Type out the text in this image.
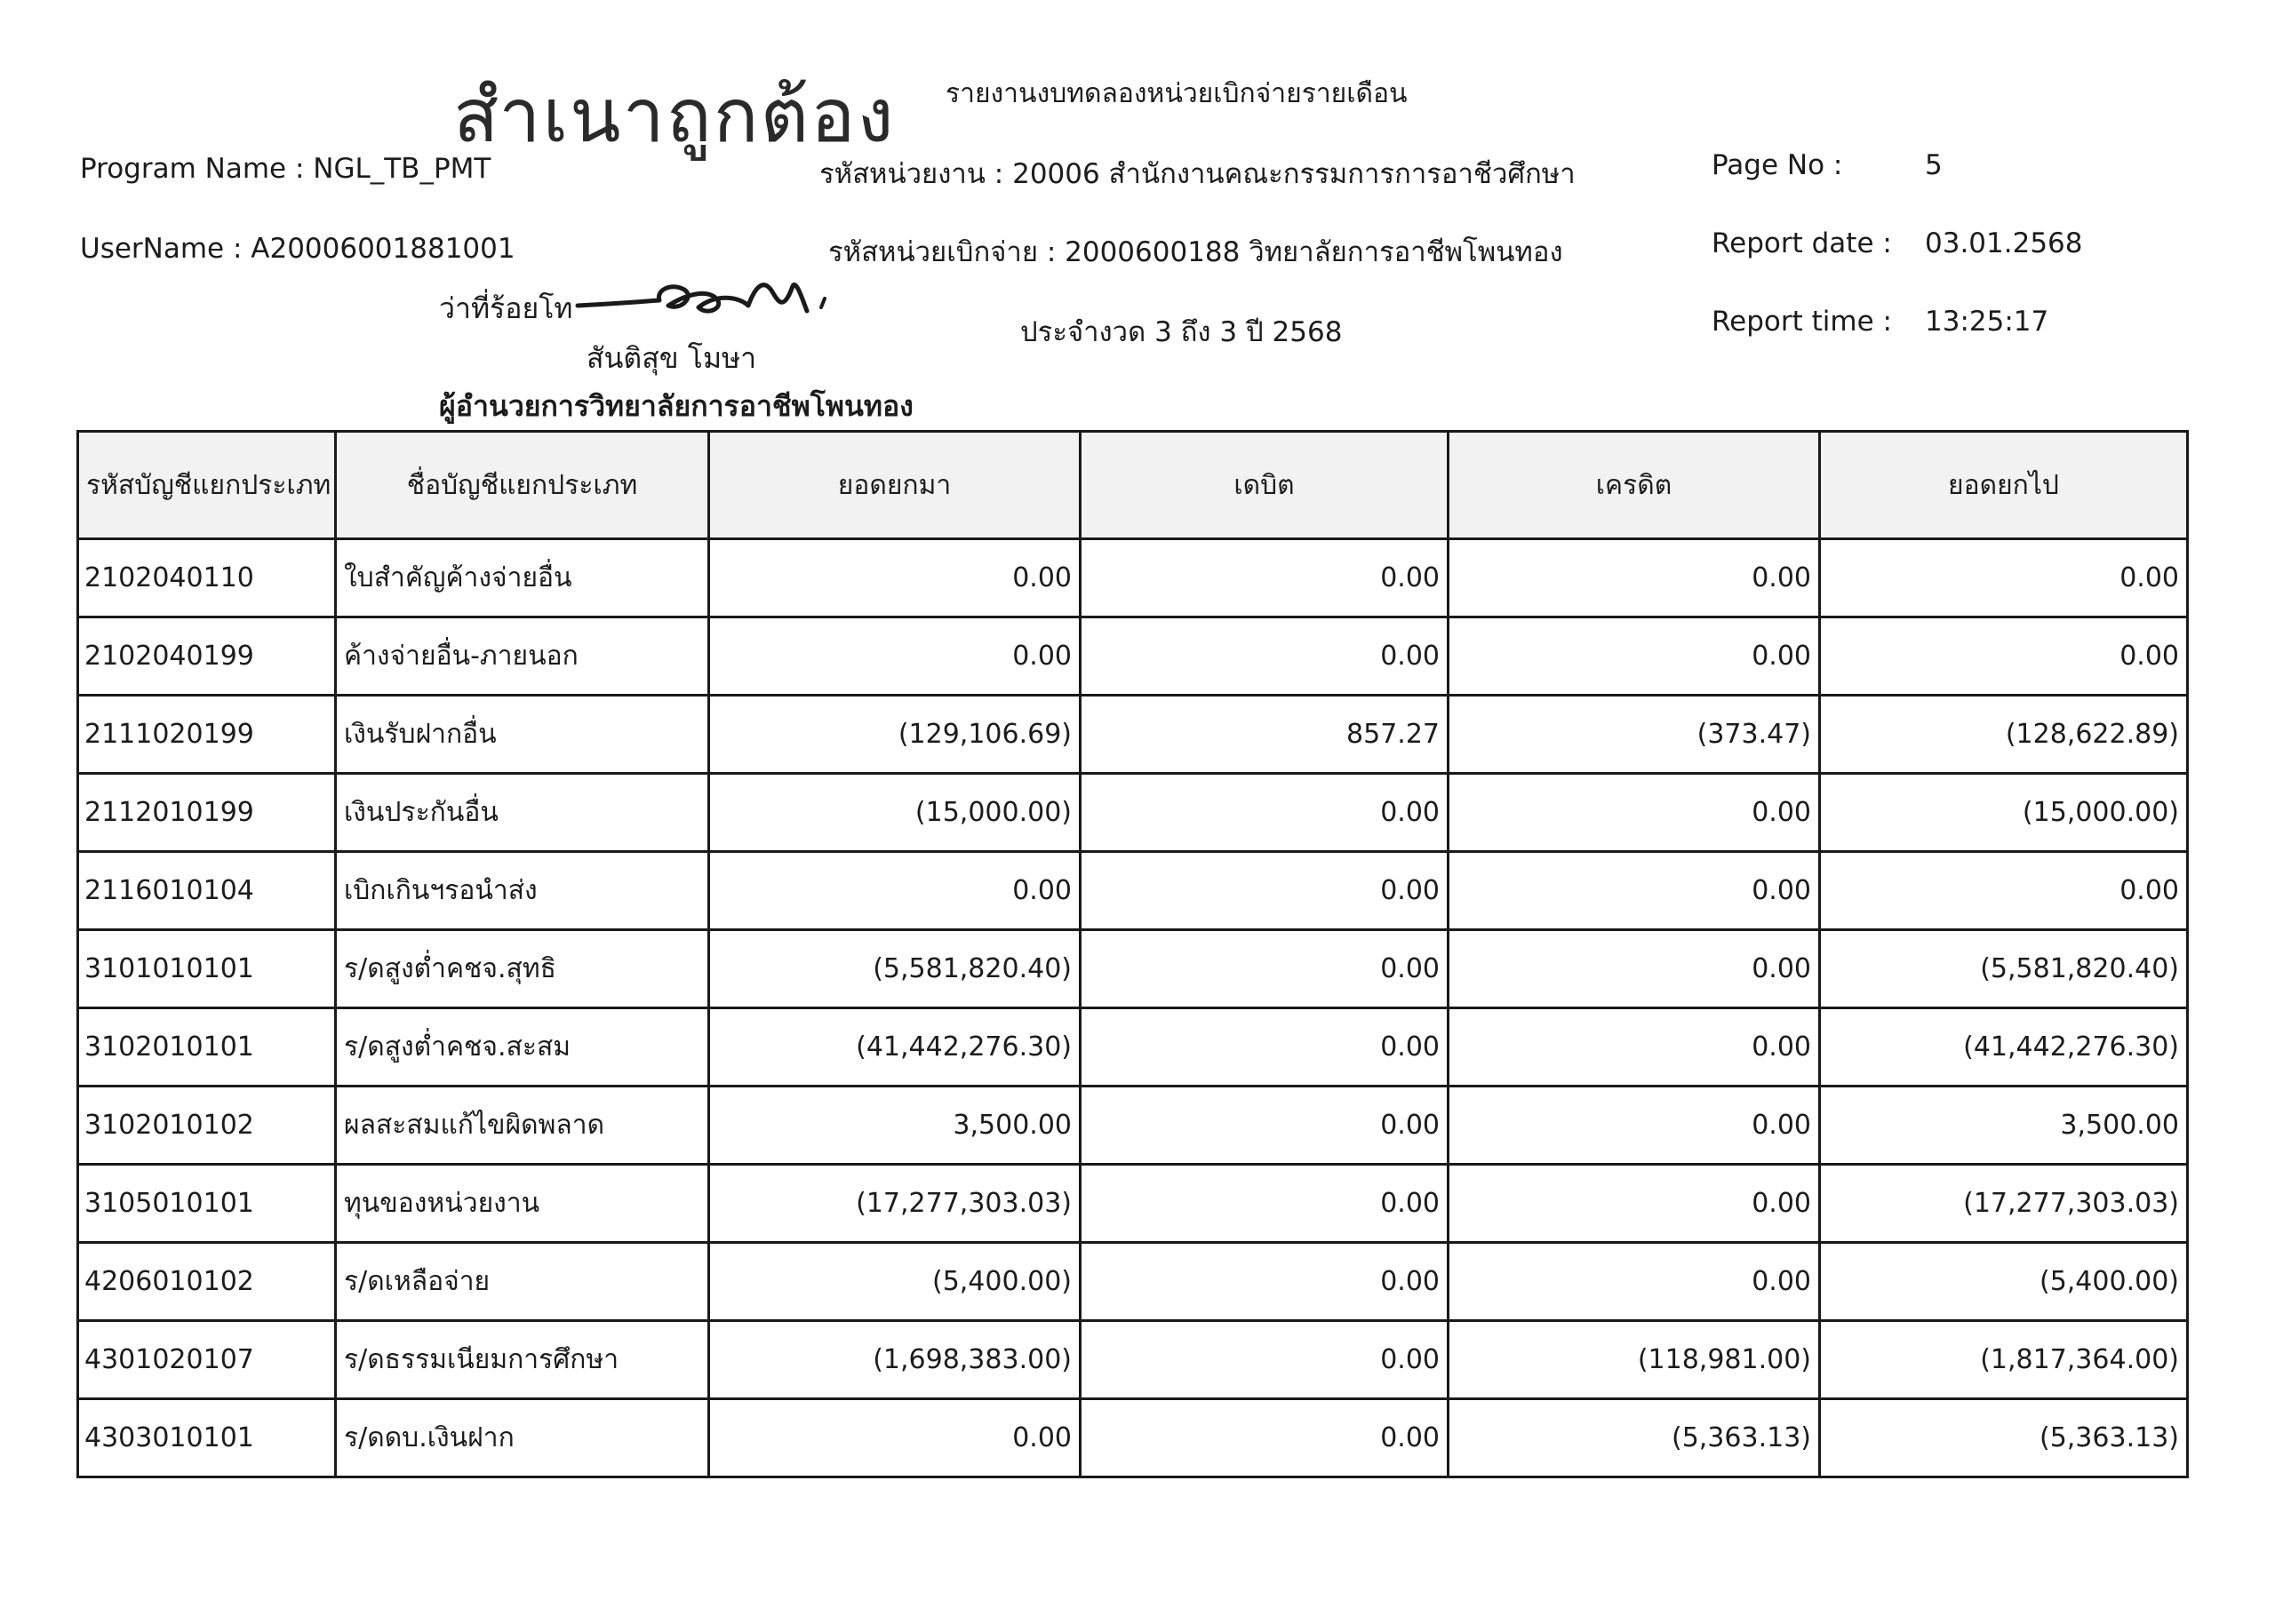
สำเนาถูกต้อง รายงานงบทดลองหน่วยเบิกจ่ายรายเดือน
Program Name : NGL_TB_PMT	รหัสหน่วยงาน : 20006 สำนักงานคณะกรรมการการอาชีวศึกษา	Page No :	5
UserName : A20006001881001	รหัสหน่วยเบิกจ่าย : 2000600188 วิทยาลัยการอาชีพโพนทอง	Report date : 03.01.2568
ประจำงวด 3 ถึง 3 ปี 2568	Report time : 13:25:17
ว่าที่ร้อยโท
สันติสุข โมษา
ผู้อำนวยการวิทยาลัยการอาชีพโพนทอง
รหัสบัญชีแยกประเภท	ชื่อบัญชีแยกประเภท	ยอดยกมา	เดบิต	เครดิต	ยอดยกไป
2102040110	ใบสำคัญค้างจ่ายอื่น	0.00	0.00	0.00	0.00
2102040199	ค้างจ่ายอื่น-ภายนอก	0.00	0.00	0.00	0.00
2111020199	เงินรับฝากอื่น	(129,106.69)	857.27	(373.47)	(128,622.89)
2112010199	เงินประกันอื่น	(15,000.00)	0.00	0.00	(15,000.00)
2116010104	เบิกเกินฯรอนำส่ง	0.00	0.00	0.00	0.00
3101010101	ร/ดสูงต่ำคชจ.สุทธิ	(5,581,820.40)	0.00	0.00	(5,581,820.40)
3102010101	ร/ดสูงต่ำคชจ.สะสม	(41,442,276.30)	0.00	0.00	(41,442,276.30)
3102010102	ผลสะสมแก้ไขผิดพลาด	3,500.00	0.00	0.00	3,500.00
3105010101	ทุนของหน่วยงาน	(17,277,303.03)	0.00	0.00	(17,277,303.03)
4206010102	ร/ดเหลือจ่าย	(5,400.00)	0.00	0.00	(5,400.00)
4301020107	ร/ดธรรมเนียมการศึกษา	(1,698,383.00)	0.00	(118,981.00)	(1,817,364.00)
4303010101	ร/ดดบ.เงินฝาก	0.00	0.00	(5,363.13)	(5,363.13)
